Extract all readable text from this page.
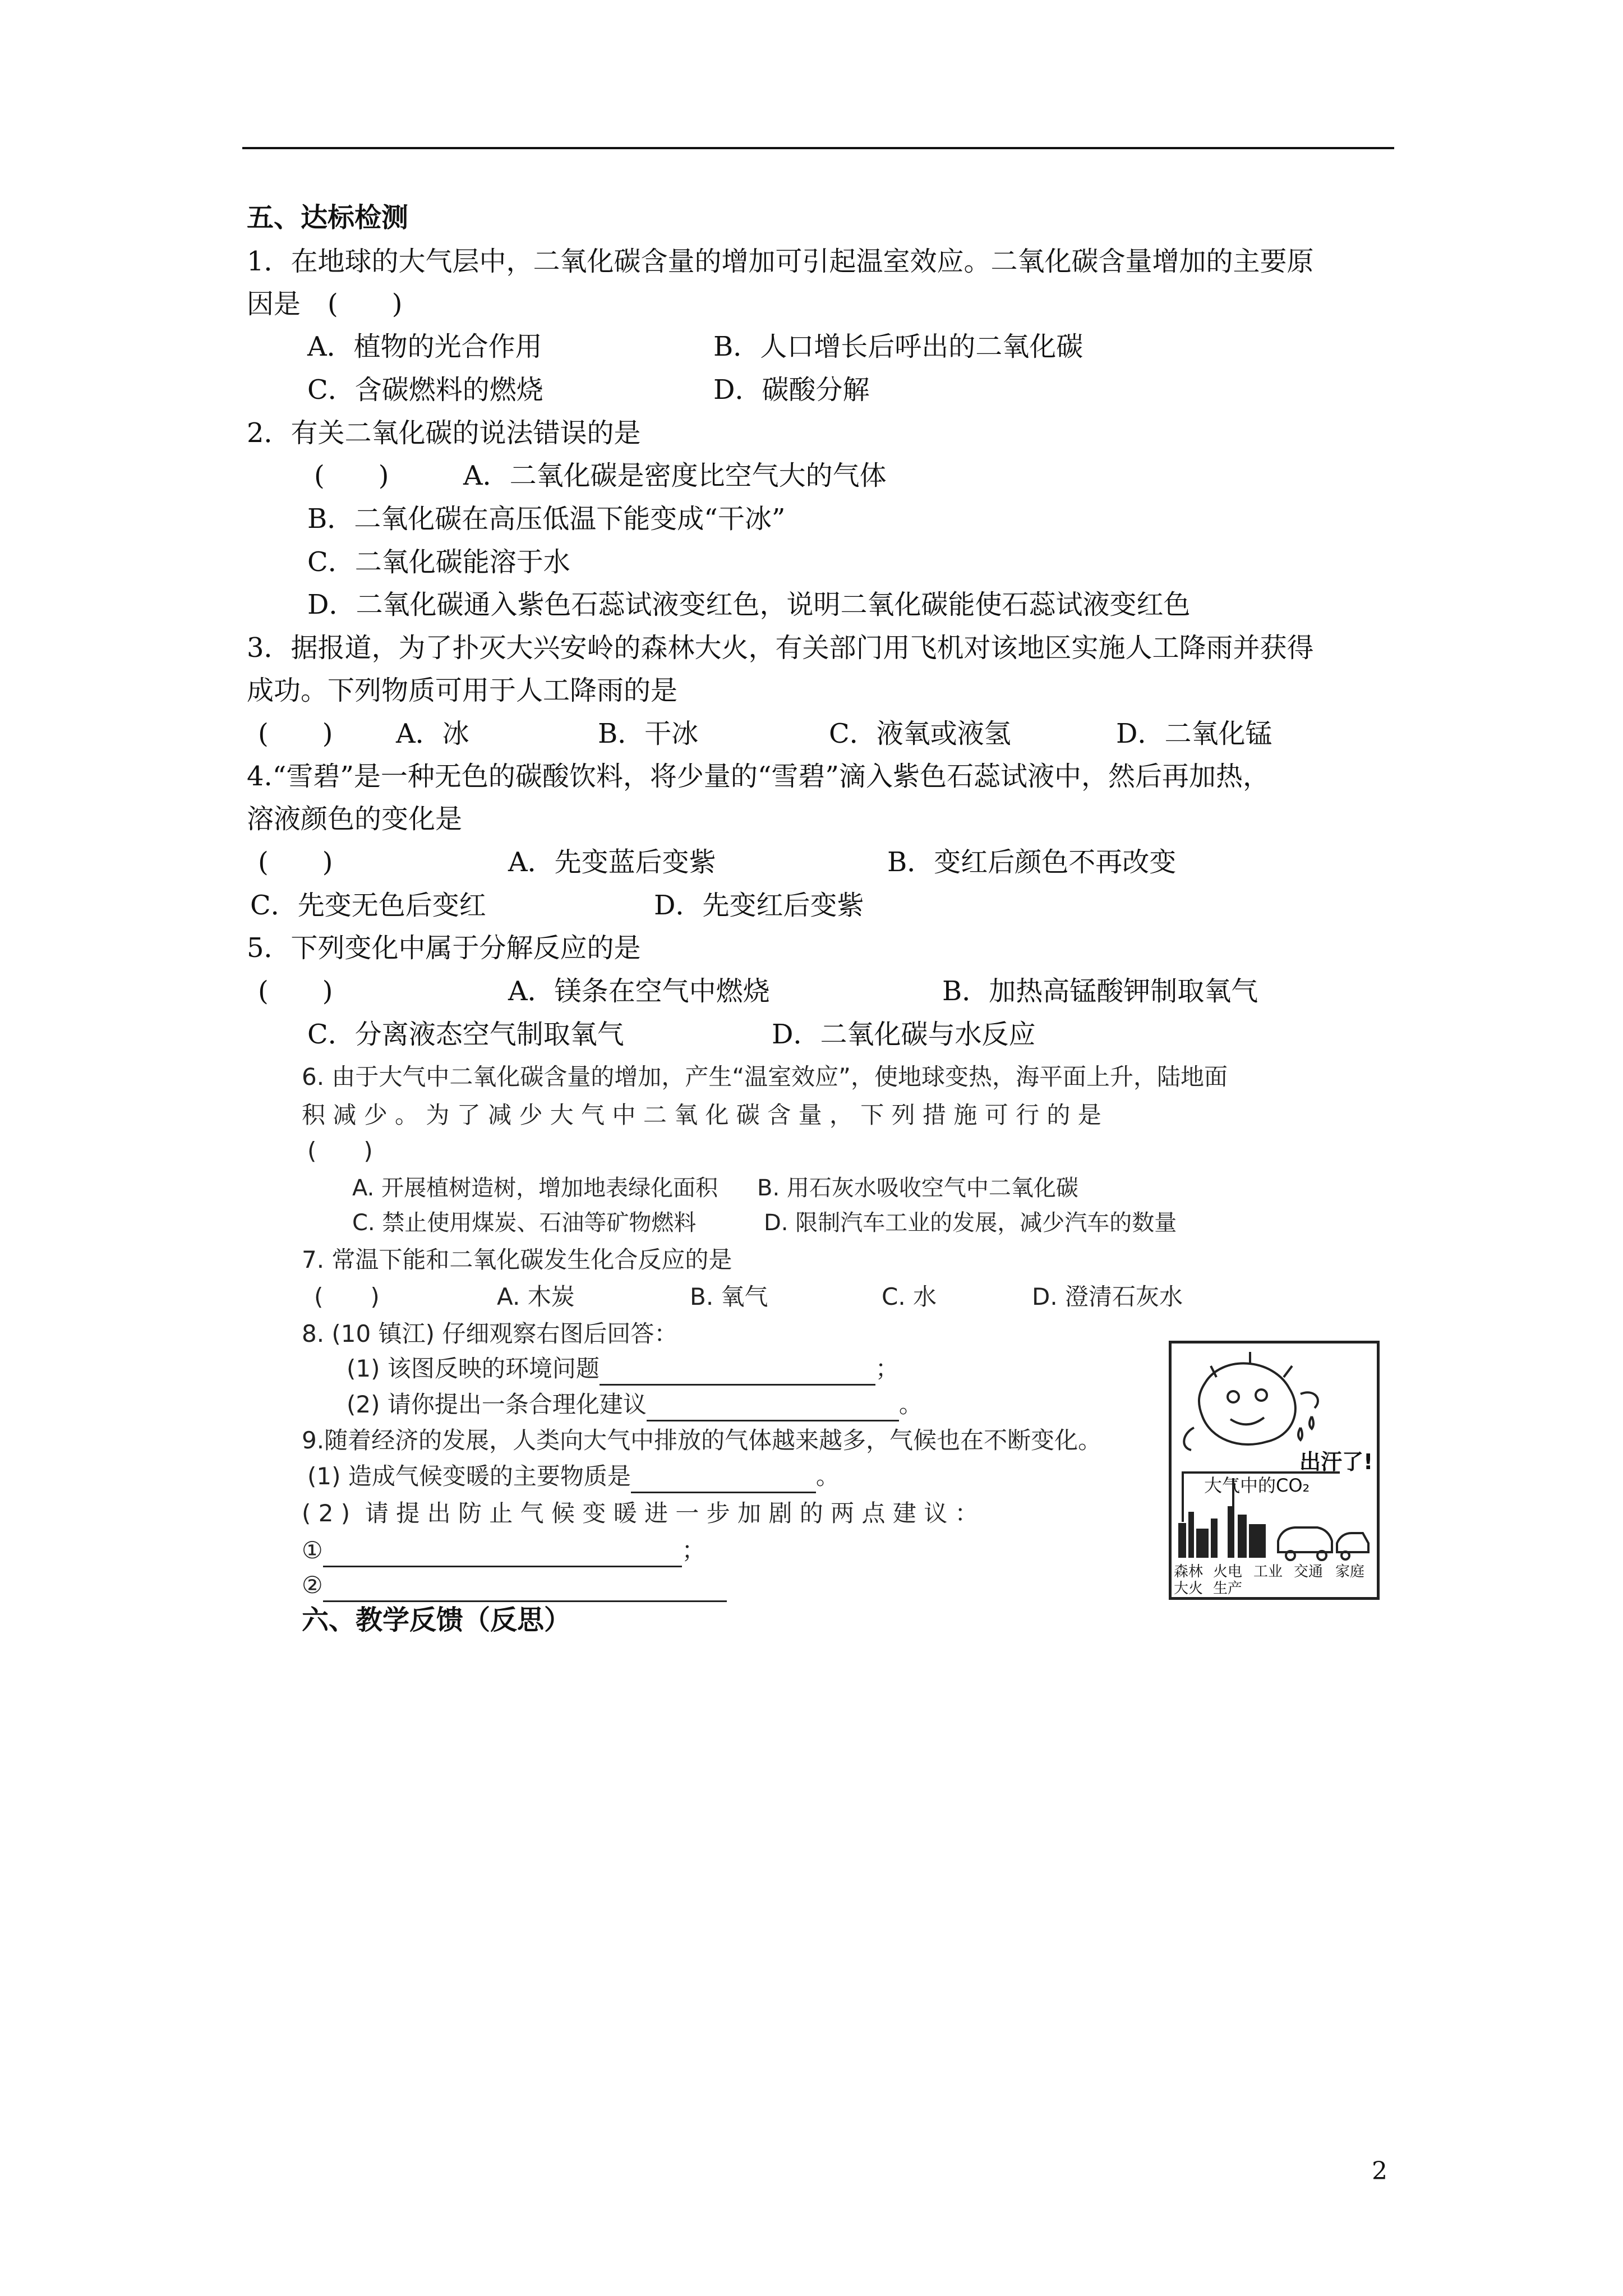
五、达标检测
1．在地球的大气层中，二氧化碳含量的增加可引起温室效应。二氧化碳含量增加的主要原
因是　(　　)
A．植物的光合作用	B．人口增长后呼出的二氧化碳
C．含碳燃料的燃烧	D．碳酸分解
2．有关二氧化碳的说法错误的是
(　　)	A．二氧化碳是密度比空气大的气体
B．二氧化碳在高压低温下能变成“干冰”
C．二氧化碳能溶于水
D．二氧化碳通入紫色石蕊试液变红色，说明二氧化碳能使石蕊试液变红色
3．据报道，为了扑灭大兴安岭的森林大火，有关部门用飞机对该地区实施人工降雨并获得
成功。下列物质可用于人工降雨的是
(　　) A．冰	B．干冰	C．液氧或液氢	D．二氧化锰
4.“雪碧”是一种无色的碳酸饮料，将少量的“雪碧”滴入紫色石蕊试液中，然后再加热，
溶液颜色的变化是
(　　)	A．先变蓝后变紫	B．变红后颜色不再改变
C．先变无色后变红	D．先变红后变紫
5．下列变化中属于分解反应的是
(　　)	A．镁条在空气中燃烧	B．加热高锰酸钾制取氧气
C．分离液态空气制取氧气	D．二氧化碳与水反应
6. 由于大气中二氧化碳含量的增加，产生“温室效应”，使地球变热，海平面上升，陆地面
积 减 少 。 为 了 减 少 大 气 中 二 氧 化 碳 含 量 ， 下 列 措 施 可 行 的 是
(　　)
A. 开展植树造树，增加地表绿化面积 B. 用石灰水吸收空气中二氧化碳
C. 禁止使用煤炭、石油等矿物燃料	D. 限制汽车工业的发展，减少汽车的数量
7. 常温下能和二氧化碳发生化合反应的是
(　　)	A. 木炭	B. 氧气	C. 水	D. 澄清石灰水
8. (10 镇江) 仔细观察右图后回答：
(1) 该图反映的环境问题	；
(2) 请你提出一条合理化建议	。
9.随着经济的发展，人类向大气中排放的气体越来越多，气候也在不断变化。
(1) 造成气候变暖的主要物质是	。
( 2 )  请 提 出 防 止 气 候 变 暖 进 一 步 加 剧 的 两 点 建 议 ：
①	；
②
出汗了!
大气中的CO₂
森林大火
火电生产
工业 交通 家庭
六、教学反馈（反思）
2
